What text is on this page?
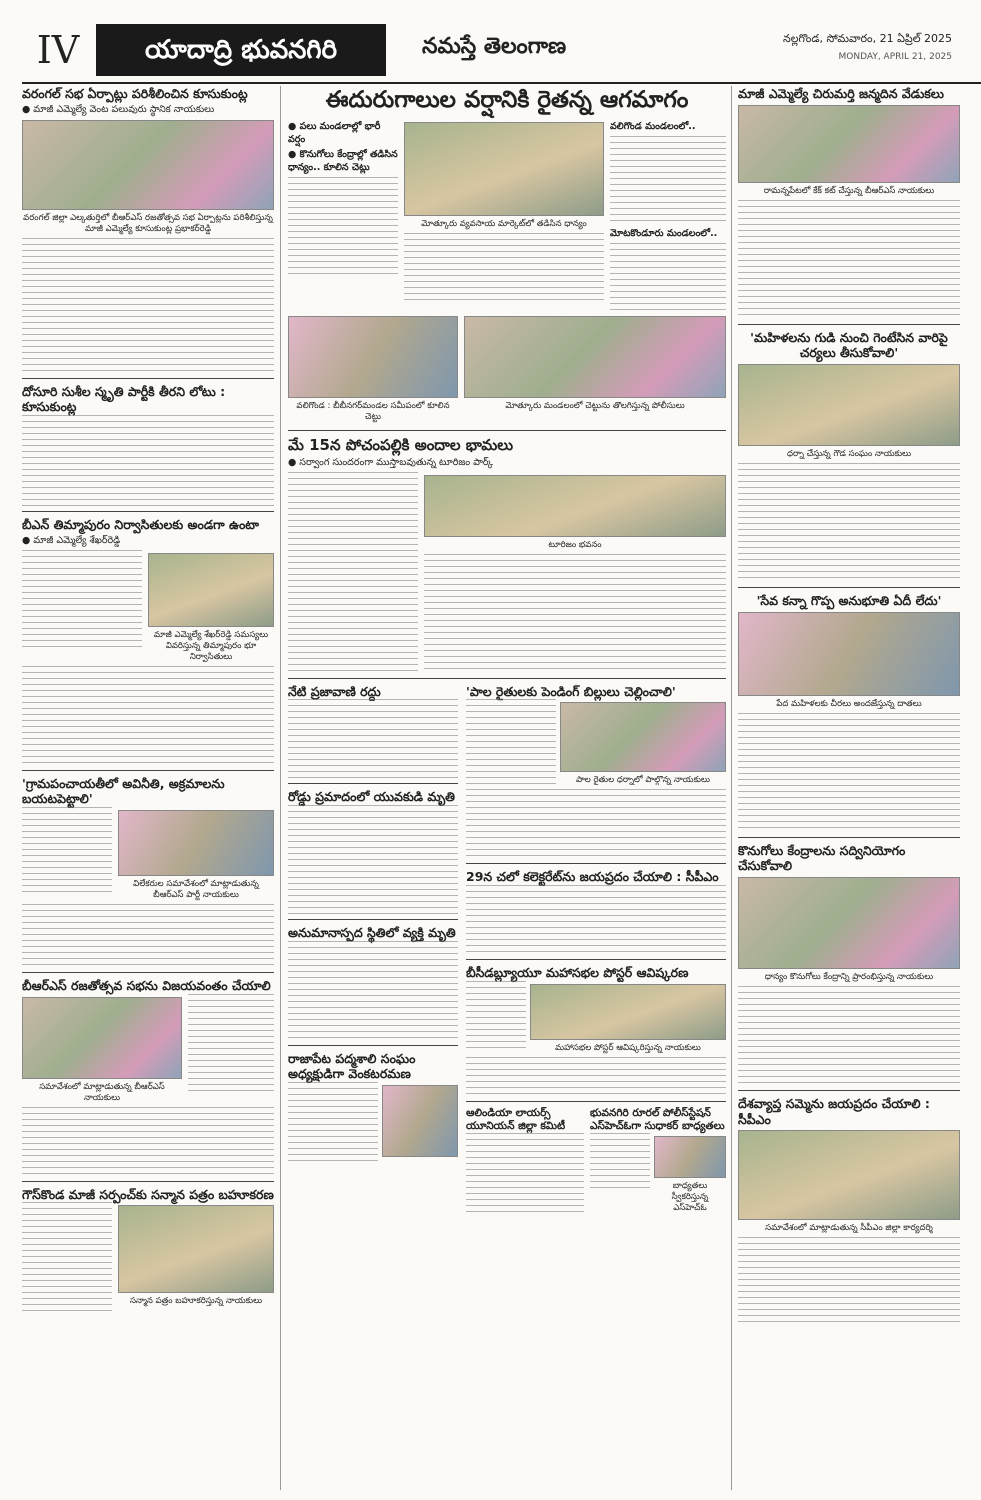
IV	యాదాద్రి భువనగిరి	నమస్తే తెలంగాణ	నల్లగొండ, సోమవారం, 21 ఏప్రిల్ 2025
MONDAY, APRIL 21, 2025
వరంగల్ సభ ఏర్పాట్లు పరిశీలించిన కూసుకుంట్ల
● మాజీ ఎమ్మెల్యే వెంట పలువురు స్థానిక నాయకులు
వరంగల్ జిల్లా ఎల్కతుర్తిలో బీఆర్‌ఎస్ రజతోత్సవ సభ ఏర్పాట్లను పరిశీలిస్తున్న మాజీ ఎమ్మెల్యే కూసుకుంట్ల ప్రభాకర్‌రెడ్డి
దోసూరి సుశీల స్మృతి పార్టీకి తీరని లోటు : కూసుకుంట్ల
బీఎన్ తిమ్మాపురం నిర్వాసితులకు అండగా ఉంటా
● మాజీ ఎమ్మెల్యే శేఖర్‌రెడ్డి
మాజీ ఎమ్మెల్యే శేఖర్‌రెడ్డి సమస్యలు వివరిస్తున్న తిమ్మాపురం భూ నిర్వాసితులు
'గ్రామపంచాయతీలో అవినీతి, అక్రమాలను బయటపెట్టాలి'
విలేకరుల సమావేశంలో మాట్లాడుతున్న బీఆర్‌ఎస్ పార్టీ నాయకులు
బీఆర్‌ఎస్ రజతోత్సవ సభను విజయవంతం చేయాలి
సమావేశంలో మాట్లాడుతున్న బీఆర్‌ఎస్ నాయకులు
గౌస్‌కొండ మాజీ సర్పంచ్‌కు సన్మాన పత్రం బహూకరణ
సన్మాన పత్రం బహూకరిస్తున్న నాయకులు
ఈదురుగాలుల వర్షానికి రైతన్న ఆగమాగం
● పలు మండలాల్లో భారీ వర్షం
● కొనుగోలు కేంద్రాల్లో తడిసిన ధాన్యం.. కూలిన చెట్లు
మోత్కూరు వ్యవసాయ మార్కెట్‌లో తడిసిన ధాన్యం
వలిగొండ మండలంలో..
మోటకొండూరు మండలంలో..
వలిగొండ : బీబీనగర్‌మండల సమీపంలో కూలిన చెట్టు
మోత్కూరు మండలంలో చెట్టును తొలగిస్తున్న పోలీసులు
మే 15న పోచంపల్లికి అందాల భామలు
● సర్వాంగ సుందరంగా ముస్తాబవుతున్న టూరిజం పార్క్
టూరిజం భవనం
నేటి ప్రజావాణి రద్దు
రోడ్డు ప్రమాదంలో యువకుడి మృతి
అనుమానాస్పద స్థితిలో వ్యక్తి మృతి
రాజాపేట పద్మశాలి సంఘం అధ్యక్షుడిగా వెంకటరమణ
'పాల రైతులకు పెండింగ్ బిల్లులు చెల్లించాలి'
పాల రైతుల ధర్నాలో పాల్గొన్న నాయకులు
29న చలో కలెక్టరేట్‌ను జయప్రదం చేయాలి : సీపీఎం
బీసీడబ్ల్యూయూ మహాసభల పోస్టర్ ఆవిష్కరణ
మహాసభల పోస్టర్ ఆవిష్కరిస్తున్న నాయకులు
ఆలిండియా లాయర్స్ యూనియన్ జిల్లా కమిటీ
భువనగిరి రూరల్ పోలీస్‌స్టేషన్ ఎస్‌హెచ్‌ఓగా సుధాకర్ బాధ్యతలు
బాధ్యతలు స్వీకరిస్తున్న ఎస్‌హెచ్‌ఓ
మాజీ ఎమ్మెల్యే చిరుమర్తి జన్మదిన వేడుకలు
రామన్నపేటలో కేక్ కట్ చేస్తున్న బీఆర్‌ఎస్ నాయకులు
'మహిళలను గుడి నుంచి గెంటేసిన వారిపై చర్యలు తీసుకోవాలి'
ధర్నా చేస్తున్న గౌడ సంఘం నాయకులు
'సేవ కన్నా గొప్ప అనుభూతి ఏదీ లేదు'
పేద మహిళలకు చీరలు అందజేస్తున్న దాతలు
కొనుగోలు కేంద్రాలను సద్వినియోగం చేసుకోవాలి
ధాన్యం కొనుగోలు కేంద్రాన్ని ప్రారంభిస్తున్న నాయకులు
దేశవ్యాప్త సమ్మెను జయప్రదం చేయాలి : సీపీఎం
సమావేశంలో మాట్లాడుతున్న సీపీఎం జిల్లా కార్యదర్శి
